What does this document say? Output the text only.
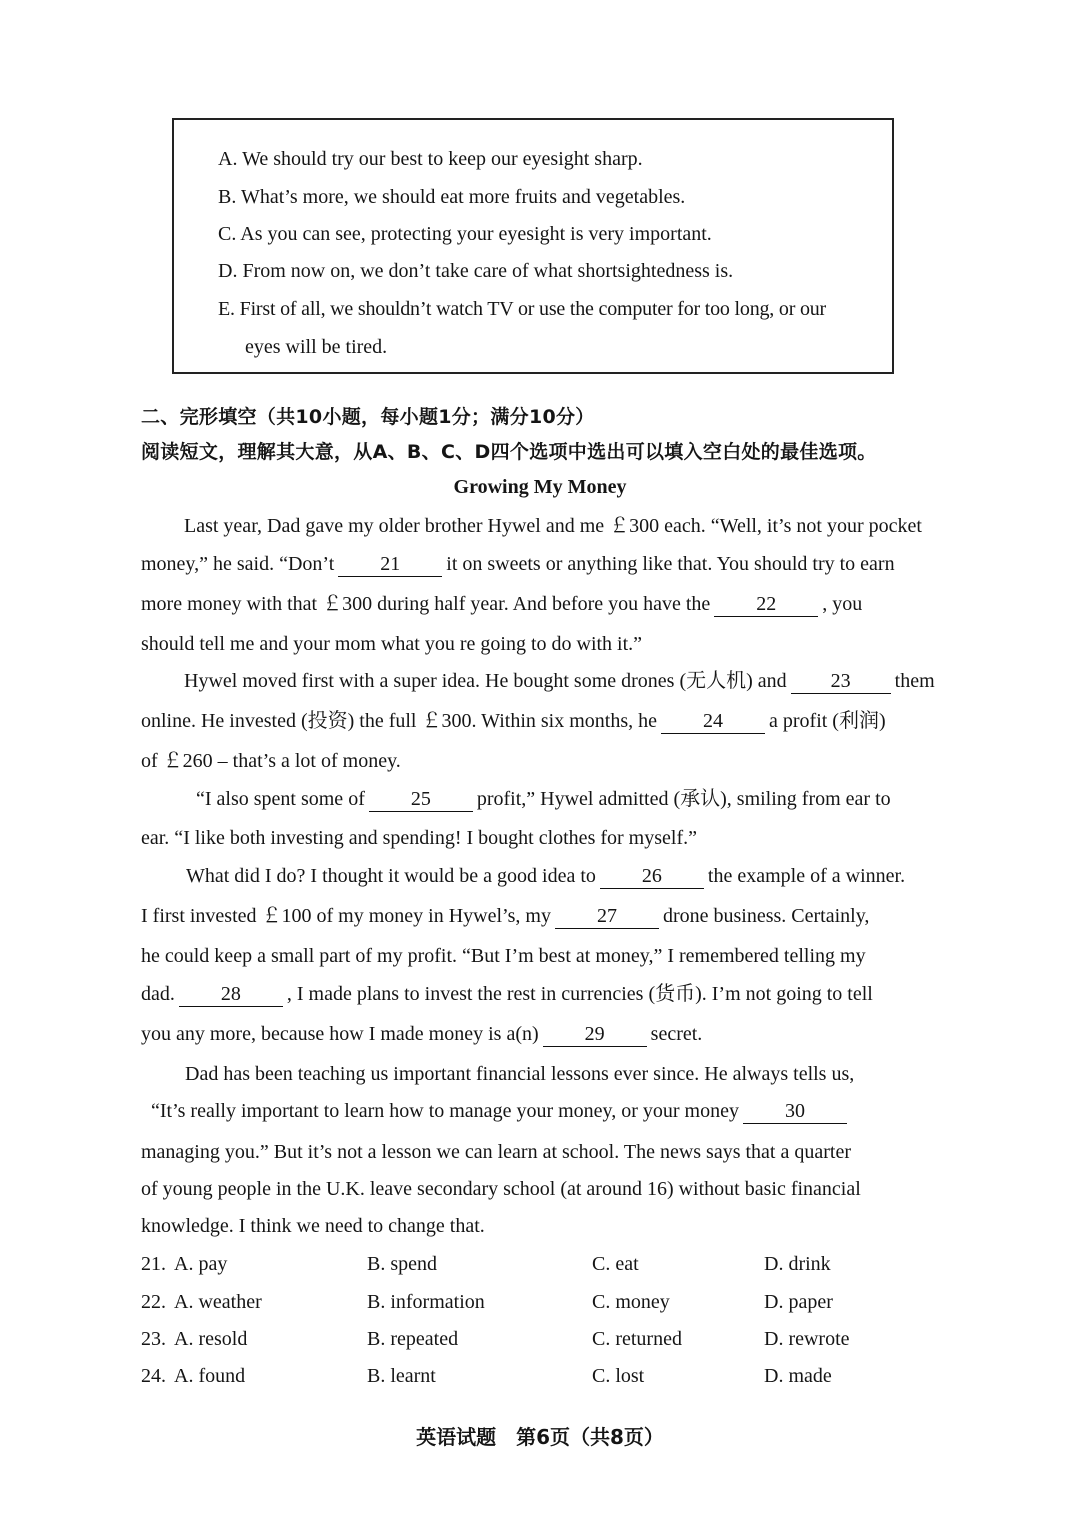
A. We should try our best to keep our eyesight sharp.
B. What’s more, we should eat more fruits and vegetables.
C. As you can see, protecting your eyesight is very important.
D. From now on, we don’t take care of what shortsightedness is.
E. First of all, we shouldn’t watch TV or use the computer for too long, or our
eyes will be tired.
二、完形填空（共10小题，每小题1分；满分10分）
阅读短文，理解其大意，从A、B、C、D四个选项中选出可以填入空白处的最佳选项。
Growing My Money
Last year, Dad gave my older brother Hywel and me ￡300 each. “Well, it’s not your pocket
money,” he said. “Don’t 21 it on sweets or anything like that. You should try to earn
more money with that ￡300 during half year. And before you have the 22 , you
should tell me and your mom what you re going to do with it.”
Hywel moved first with a super idea. He bought some drones (无人机) and 23 them
online. He invested (投资) the full ￡300. Within six months, he 24 a profit (利润)
of ￡260 – that’s a lot of money.
“I also spent some of 25 profit,” Hywel admitted (承认), smiling from ear to
ear. “I like both investing and spending! I bought clothes for myself.”
What did I do? I thought it would be a good idea to 26 the example of a winner.
I first invested ￡100 of my money in Hywel’s, my 27 drone business. Certainly,
he could keep a small part of my profit. “But I’m best at money,” I remembered telling my
dad. 28 , I made plans to invest the rest in currencies (货币). I’m not going to tell
you any more, because how I made money is a(n) 29 secret.
Dad has been teaching us important financial lessons ever since. He always tells us,
“It’s really important to learn how to manage your money, or your money 30
managing you.” But it’s not a lesson we can learn at school. The news says that a quarter
of young people in the U.K. leave secondary school (at around 16) without basic financial
knowledge. I think we need to change that.
21. A. pay	B. spend	C. eat	D. drink
22. A. weather	B. information	C. money	D. paper
23. A. resold	B. repeated	C. returned	D. rewrote
24. A. found	B. learnt	C. lost	D. made
英语试题　第6页（共8页）
